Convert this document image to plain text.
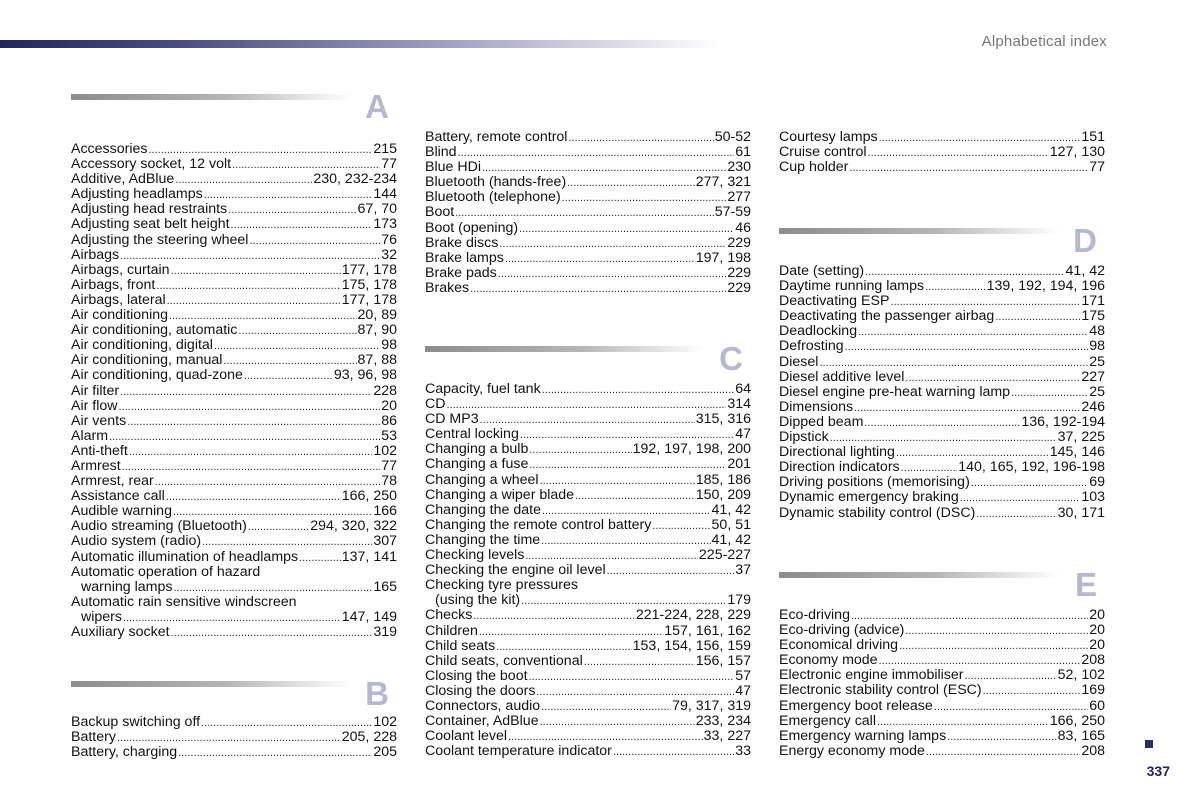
Alphabetical index
A
Accessories .....	215
Accessory socket, 12 volt .....	77
Additive, AdBlue .....	230, 232-234
Adjusting headlamps .....	144
Adjusting head restraints .....	67, 70
Adjusting seat belt height .....	173
Adjusting the steering wheel .....	76
Airbags .....	32
Airbags, curtain .....	177, 178
Airbags, front .....	175, 178
Airbags, lateral .....	177, 178
Air conditioning .....	20, 89
Air conditioning, automatic .....	87, 90
Air conditioning, digital .....	98
Air conditioning, manual .....	87, 88
Air conditioning, quad-zone .....	93, 96, 98
Air filter .....	228
Air flow .....	20
Air vents .....	86
Alarm .....	53
Anti-theft .....	102
Armrest .....	77
Armrest, rear .....	78
Assistance call .....	166, 250
Audible warning .....	166
Audio streaming (Bluetooth) .....	294, 320, 322
Audio system (radio) .....	307
Automatic illumination of headlamps .....	137, 141
Automatic operation of hazard
warning lamps .....	165
Automatic rain sensitive windscreen
wipers .....	147, 149
Auxiliary socket .....	319
B
Backup switching off .....	102
Battery .....	205, 228
Battery, charging .....	205
Battery, remote control .....	50-52
Blind .....	61
Blue HDi .....	230
Bluetooth (hands-free) .....	277, 321
Bluetooth (telephone) .....	277
Boot .....	57-59
Boot (opening) .....	46
Brake discs .....	229
Brake lamps .....	197, 198
Brake pads .....	229
Brakes .....	229
C
Capacity, fuel tank .....	64
CD .....	314
CD MP3 .....	315, 316
Central locking .....	47
Changing a bulb .....	192, 197, 198, 200
Changing a fuse .....	201
Changing a wheel .....	185, 186
Changing a wiper blade .....	150, 209
Changing the date .....	41, 42
Changing the remote control battery .....	50, 51
Changing the time .....	41, 42
Checking levels .....	225-227
Checking the engine oil level .....	37
Checking tyre pressures
(using the kit) .....	179
Checks .....	221-224, 228, 229
Children .....	157, 161, 162
Child seats .....	153, 154, 156, 159
Child seats, conventional .....	156, 157
Closing the boot .....	57
Closing the doors .....	47
Connectors, audio .....	79, 317, 319
Container, AdBlue .....	233, 234
Coolant level .....	33, 227
Coolant temperature indicator .....	33
Courtesy lamps .....	151
Cruise control .....	127, 130
Cup holder .....	77
D
Date (setting) .....	41, 42
Daytime running lamps .....	139, 192, 194, 196
Deactivating ESP .....	171
Deactivating the passenger airbag .....	175
Deadlocking .....	48
Defrosting .....	98
Diesel .....	25
Diesel additive level .....	227
Diesel engine pre-heat warning lamp .....	25
Dimensions .....	246
Dipped beam .....	136, 192-194
Dipstick .....	37, 225
Directional lighting .....	145, 146
Direction indicators .....	140, 165, 192, 196-198
Driving positions (memorising) .....	69
Dynamic emergency braking .....	103
Dynamic stability control (DSC) .....	30, 171
E
Eco-driving .....	20
Eco-driving (advice) .....	20
Economical driving .....	20
Economy mode .....	208
Electronic engine immobiliser .....	52, 102
Electronic stability control (ESC) .....	169
Emergency boot release .....	60
Emergency call .....	166, 250
Emergency warning lamps .....	83, 165
Energy economy mode .....	208
337
